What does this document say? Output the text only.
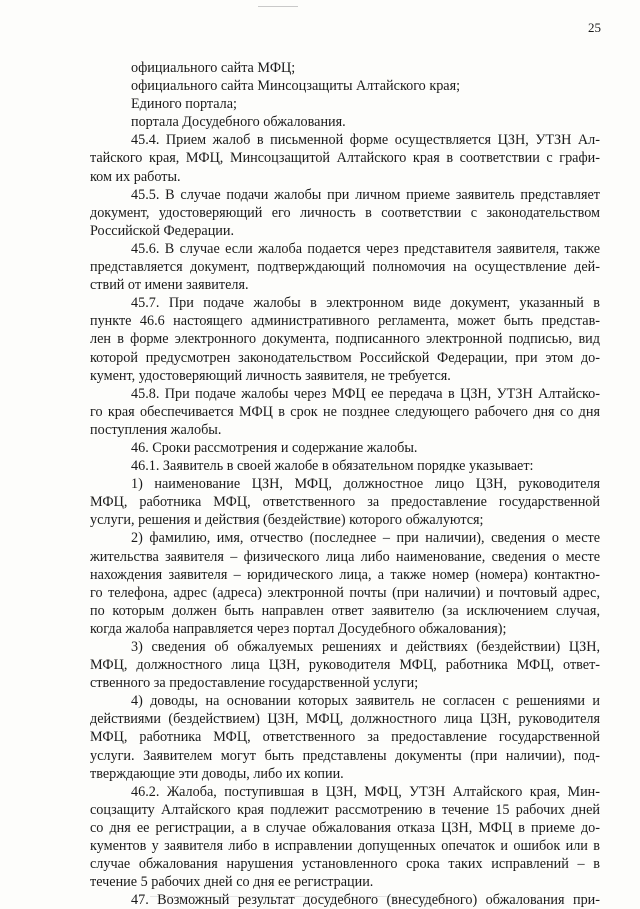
25
официального сайта МФЦ;
официального сайта Минсоцзащиты Алтайского края;
Единого портала;
портала Досудебного обжалования.
45.4. Прием жалоб в письменной форме осуществляется ЦЗН, УТЗН Ал-
тайского края, МФЦ, Минсоцзащитой Алтайского края в соответствии с графи-
ком их работы.
45.5. В случае подачи жалобы при личном приеме заявитель представляет
документ, удостоверяющий его личность в соответствии с законодательством
Российской Федерации.
45.6. В случае если жалоба подается через представителя заявителя, также
представляется документ, подтверждающий полномочия на осуществление дей-
ствий от имени заявителя.
45.7. При подаче жалобы в электронном виде документ, указанный в
пункте 46.6 настоящего административного регламента, может быть представ-
лен в форме электронного документа, подписанного электронной подписью, вид
которой предусмотрен законодательством Российской Федерации, при этом до-
кумент, удостоверяющий личность заявителя, не требуется.
45.8. При подаче жалобы через МФЦ ее передача в ЦЗН, УТЗН Алтайско-
го края обеспечивается МФЦ в срок не позднее следующего рабочего дня со дня
поступления жалобы.
46. Сроки рассмотрения и содержание жалобы.
46.1. Заявитель в своей жалобе в обязательном порядке указывает:
1) наименование ЦЗН, МФЦ, должностное лицо ЦЗН, руководителя
МФЦ, работника МФЦ, ответственного за предоставление государственной
услуги, решения и действия (бездействие) которого обжалуются;
2) фамилию, имя, отчество (последнее – при наличии), сведения о месте
жительства заявителя – физического лица либо наименование, сведения о месте
нахождения заявителя – юридического лица, а также номер (номера) контактно-
го телефона, адрес (адреса) электронной почты (при наличии) и почтовый адрес,
по которым должен быть направлен ответ заявителю (за исключением случая,
когда жалоба направляется через портал Досудебного обжалования);
3) сведения об обжалуемых решениях и действиях (бездействии) ЦЗН,
МФЦ, должностного лица ЦЗН, руководителя МФЦ, работника МФЦ, ответ-
ственного за предоставление государственной услуги;
4) доводы, на основании которых заявитель не согласен с решениями и
действиями (бездействием) ЦЗН, МФЦ, должностного лица ЦЗН, руководителя
МФЦ, работника МФЦ, ответственного за предоставление государственной
услуги. Заявителем могут быть представлены документы (при наличии), под-
тверждающие эти доводы, либо их копии.
46.2. Жалоба, поступившая в ЦЗН, МФЦ, УТЗН Алтайского края, Мин-
соцзащиту Алтайского края подлежит рассмотрению в течение 15 рабочих дней
со дня ее регистрации, а в случае обжалования отказа ЦЗН, МФЦ в приеме до-
кументов у заявителя либо в исправлении допущенных опечаток и ошибок или в
случае обжалования нарушения установленного срока таких исправлений – в
течение 5 рабочих дней со дня ее регистрации.
47. Возможный результат досудебного (внесудебного) обжалования при-
